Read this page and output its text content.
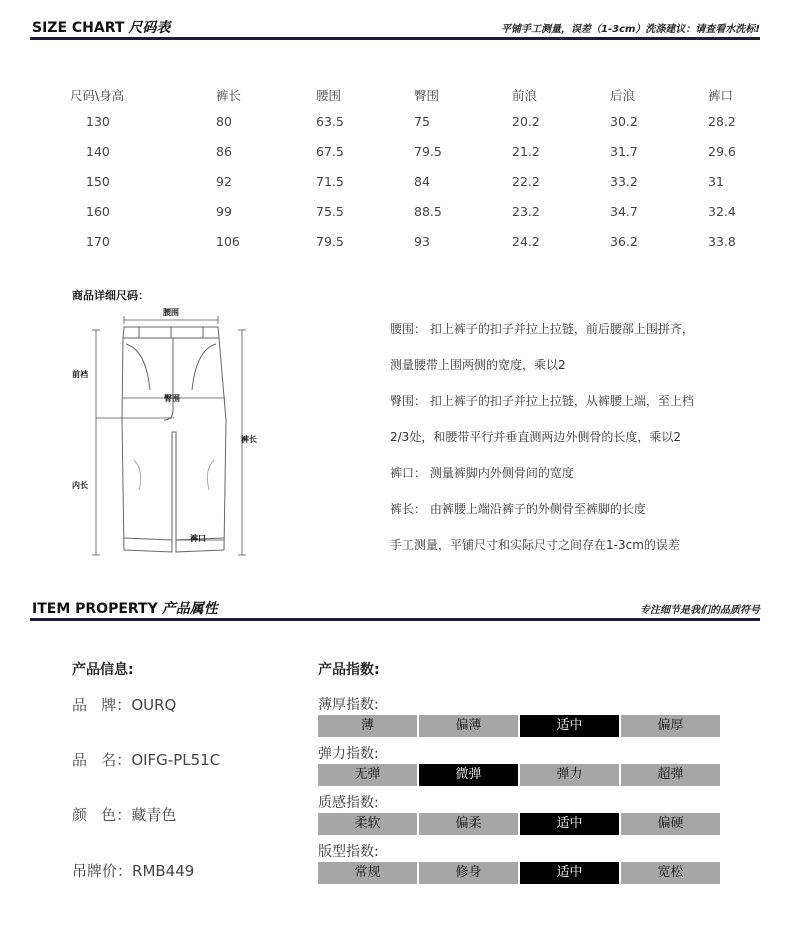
SIZE CHART 尺码表	平铺手工测量，误差（1-3cm）洗涤建议：请查看水洗标!
尺码\身高	裤长	腰围	臀围	前浪	后浪	裤口
130	80	63.5	75	20.2	30.2	28.2
140	86	67.5	79.5	21.2	31.7	29.6
150	92	71.5	84	22.2	33.2	31
160	99	75.5	88.5	23.2	34.7	32.4
170	106	79.5	93	24.2	36.2	33.8
商品详细尺码：
腰围
前裆
臀围
裤长
内长
裤口
腰围： 扣上裤子的扣子并拉上拉链，前后腰部上围拼齐，
测量腰带上围两侧的宽度，乘以2
臀围： 扣上裤子的扣子并拉上拉链，从裤腰上端，至上档
2/3处，和腰带平行并垂直测两边外侧骨的长度，乘以2
裤口： 测量裤脚内外侧骨间的宽度
裤长： 由裤腰上端沿裤子的外侧骨至裤脚的长度
手工测量，平铺尺寸和实际尺寸之间存在1-3cm的误差
ITEM PROPERTY 产品属性	专注细节是我们的品质符号
产品信息:
品   牌：OURQ
品   名：OIFG-PL51C
颜   色：藏青色
吊牌价：RMB449
产品指数:
薄厚指数:
薄	偏薄	适中	偏厚
弹力指数:
无弹	微弹	弹力	超弹
质感指数:
柔软	偏柔	适中	偏硬
版型指数:
常规	修身	适中	宽松
